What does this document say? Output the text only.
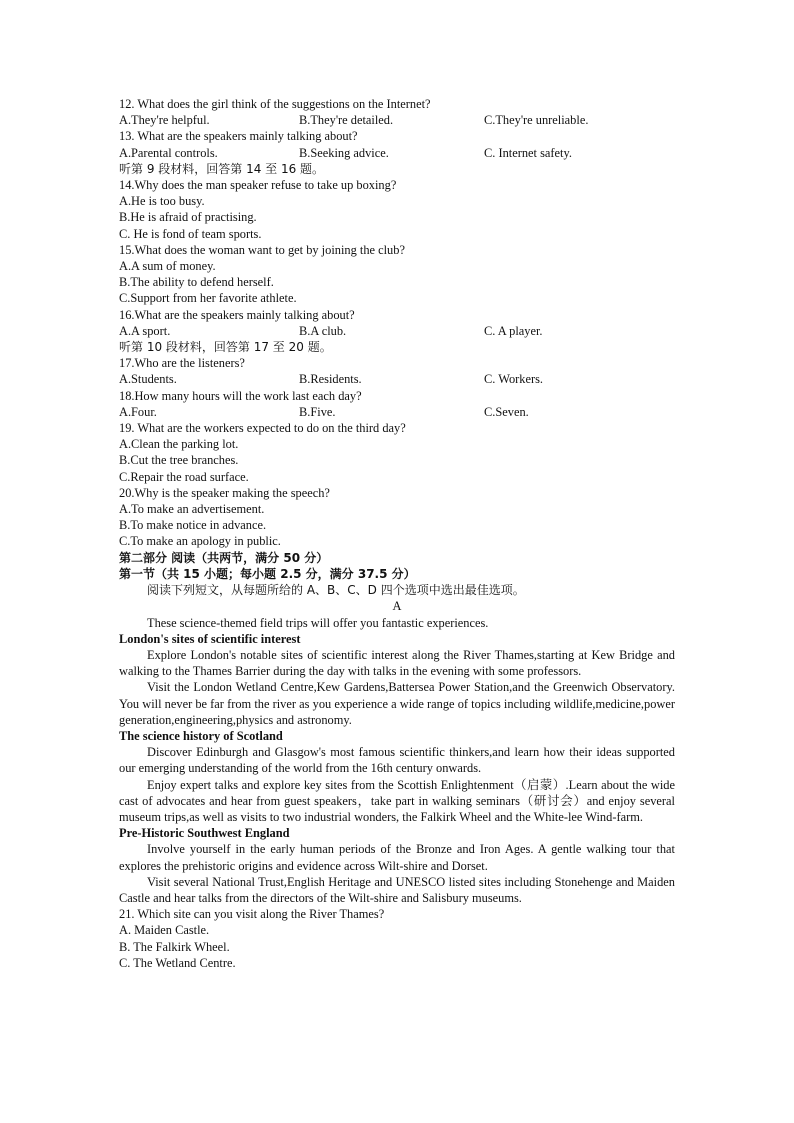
12. What does the girl think of the suggestions on the Internet?
A.They're helpful.	B.They're detailed.	C.They're unreliable.
13. What are the speakers mainly talking about?
A.Parental controls.	B.Seeking advice.	C. Internet safety.
听第 9 段材料，回答第 14 至 16 题。
14.Why does the man speaker refuse to take up boxing?
A.He is too busy.
B.He is afraid of practising.
C. He is fond of team sports.
15.What does the woman want to get by joining the club?
A.A sum of money.
B.The ability to defend herself.
C.Support from her favorite athlete.
16.What are the speakers mainly talking about?
A.A sport.	B.A club.	C. A player.
听第 10 段材料，回答第 17 至 20 题。
17.Who are the listeners?
A.Students.	B.Residents.	C. Workers.
18.How many hours will the work last each day?
A.Four.	B.Five.	C.Seven.
19. What are the workers expected to do on the third day?
A.Clean the parking lot.
B.Cut the tree branches.
C.Repair the road surface.
20.Why is the speaker making the speech?
A.To make an advertisement.
B.To make notice in advance.
C.To make an apology in public.
第二部分 阅读（共两节，满分 50 分）
第一节（共 15 小题；每小题 2.5 分，满分 37.5 分）
阅读下列短文，从每题所给的 A、B、C、D 四个选项中选出最佳选项。
A
These science-themed field trips will offer you fantastic experiences.
London's sites of scientific interest
Explore London's notable sites of scientific interest along the River Thames,starting at Kew Bridge and walking to the Thames Barrier during the day with talks in the evening with some professors.
Visit the London Wetland Centre,Kew Gardens,Battersea Power Station,and the Greenwich Observatory. You will never be far from the river as you experience a wide range of topics including wildlife,medicine,power generation,engineering,physics and astronomy.
The science history of Scotland
Discover Edinburgh and Glasgow's most famous scientific thinkers,and learn how their ideas supported our emerging understanding of the world from the 16th century onwards.
Enjoy expert talks and explore key sites from the Scottish Enlightenment（启蒙）.Learn about the wide cast of advocates and hear from guest speakers，take part in walking seminars（研讨会）and enjoy several museum trips,as well as visits to two industrial wonders, the Falkirk Wheel and the White-lee Wind-farm.
Pre-Historic Southwest England
Involve yourself in the early human periods of the Bronze and Iron Ages. A gentle walking tour that explores the prehistoric origins and evidence across Wilt-shire and Dorset.
Visit several National Trust,English Heritage and UNESCO listed sites including Stonehenge and Maiden Castle and hear talks from the directors of the Wilt-shire and Salisbury museums.
21. Which site can you visit along the River Thames?
A. Maiden Castle.
B. The Falkirk Wheel.
C. The Wetland Centre.
